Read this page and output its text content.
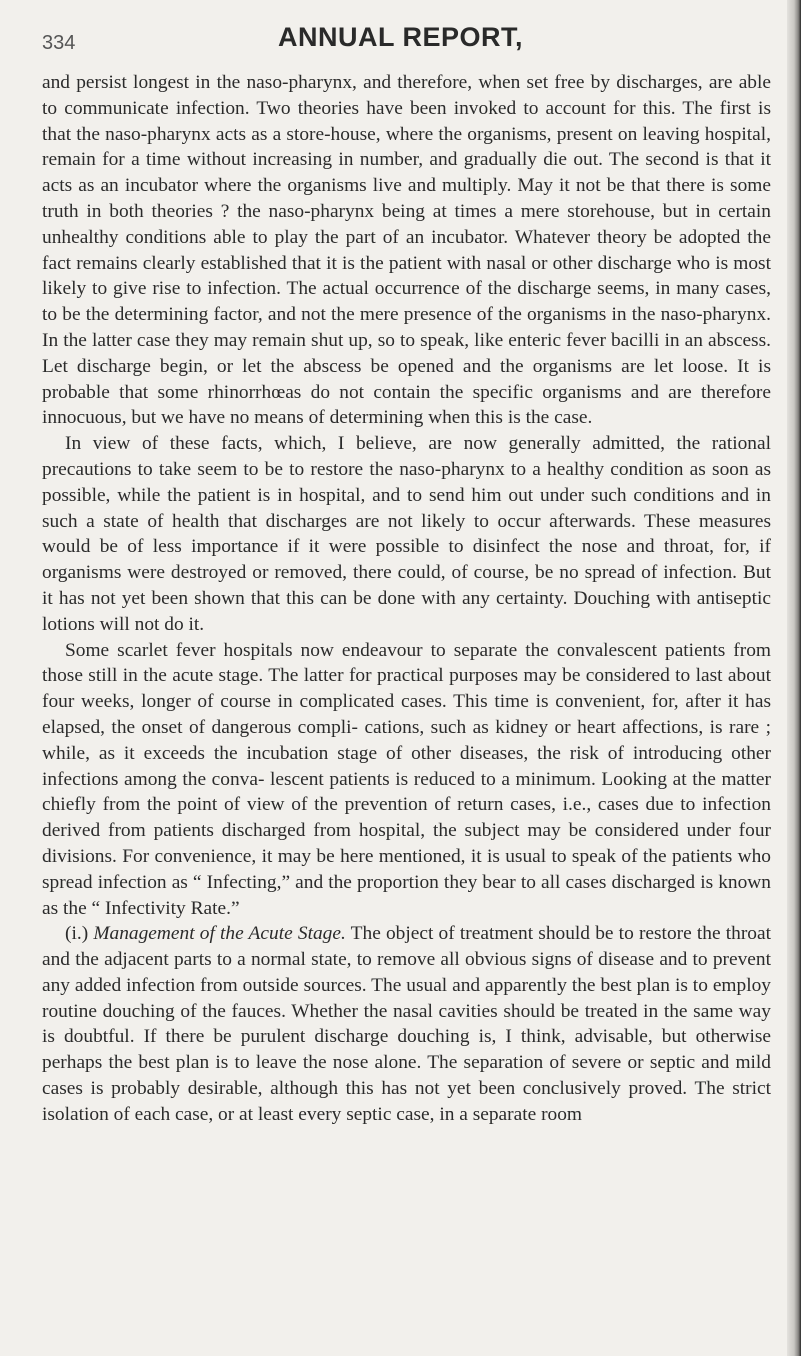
334	ANNUAL REPORT,

and persist longest in the naso-pharynx, and therefore, when set free by discharges, are able to communicate infection. Two theories have been invoked to account for this. The first is that the naso-pharynx acts as a store-house, where the organisms, present on leaving hospital, remain for a time without increasing in number, and gradually die out. The second is that it acts as an incubator where the organisms live and multiply. May it not be that there is some truth in both theories ? the naso-pharynx being at times a mere storehouse, but in certain unhealthy conditions able to play the part of an incubator. Whatever theory be adopted the fact remains clearly established that it is the patient with nasal or other discharge who is most likely to give rise to infection. The actual occurrence of the discharge seems, in many cases, to be the determining factor, and not the mere presence of the organisms in the naso-pharynx. In the latter case they may remain shut up, so to speak, like enteric fever bacilli in an abscess. Let discharge begin, or let the abscess be opened and the organisms are let loose. It is probable that some rhinorrhœas do not contain the specific organisms and are therefore innocuous, but we have no means of determining when this is the case.

In view of these facts, which, I believe, are now generally admitted, the rational precautions to take seem to be to restore the naso-pharynx to a healthy condition as soon as possible, while the patient is in hospital, and to send him out under such conditions and in such a state of health that discharges are not likely to occur afterwards. These measures would be of less importance if it were possible to disinfect the nose and throat, for, if organisms were destroyed or removed, there could, of course, be no spread of infection. But it has not yet been shown that this can be done with any certainty. Douching with antiseptic lotions will not do it.

Some scarlet fever hospitals now endeavour to separate the convalescent patients from those still in the acute stage. The latter for practical purposes may be considered to last about four weeks, longer of course in complicated cases. This time is convenient, for, after it has elapsed, the onset of dangerous compli- cations, such as kidney or heart affections, is rare ; while, as it exceeds the incubation stage of other diseases, the risk of introducing other infections among the conva- lescent patients is reduced to a minimum. Looking at the matter chiefly from the point of view of the prevention of return cases, i.e., cases due to infection derived from patients discharged from hospital, the subject may be considered under four divisions. For convenience, it may be here mentioned, it is usual to speak of the patients who spread infection as “ Infecting,” and the proportion they bear to all cases discharged is known as the “ Infectivity Rate.”

(i.) Management of the Acute Stage. The object of treatment should be to restore the throat and the adjacent parts to a normal state, to remove all obvious signs of disease and to prevent any added infection from outside sources. The usual and apparently the best plan is to employ routine douching of the fauces. Whether the nasal cavities should be treated in the same way is doubtful. If there be purulent discharge douching is, I think, advisable, but otherwise perhaps the best plan is to leave the nose alone. The separation of severe or septic and mild cases is probably desirable, although this has not yet been conclusively proved. The strict isolation of each case, or at least every septic case, in a separate room
